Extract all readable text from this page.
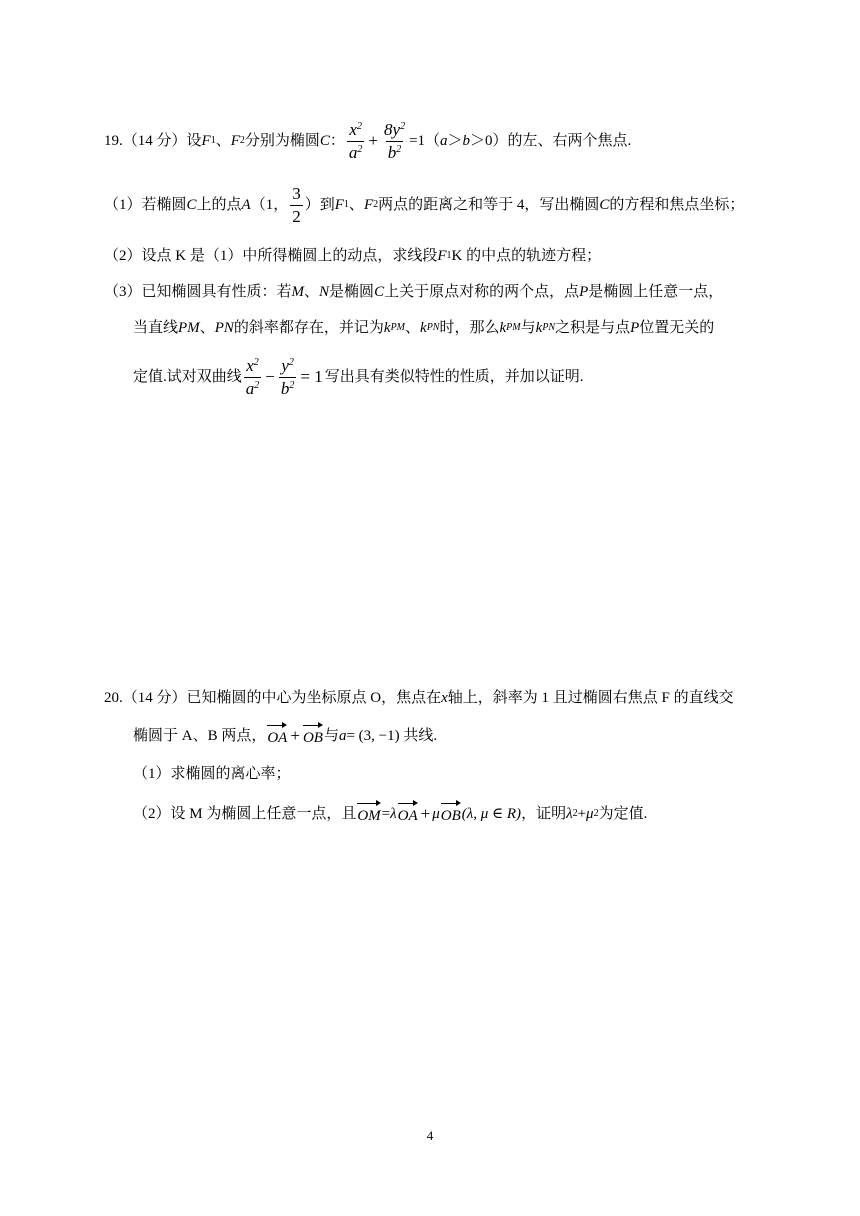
19.（14 分）设 F 1 、 F 2 分别为椭圆 C ： $\frac{x^2}{a^2} + \frac{8y^2}{b^2} =1$（ a ＞ b ＞0）的左、右两个焦点.
（1）若椭圆 C 上的点 A （1， $\frac{3}{2}$ ）到 F 1 、 F 2 两点的距离之和等于 4，写出椭圆 C 的方程和焦点坐标；
（2）设点 K 是（1）中所得椭圆上的动点，求线段 F 1 K 的中点的轨迹方程；
（3）已知椭圆具有性质：若 M 、 N 是椭圆 C 上关于原点对称的两个点，点 P 是椭圆上任意一点，
当直线 PM 、 PN 的斜率都存在，并记为 k PM 、 k PN 时，那么 k PM 与 k PN 之积是与点 P 位置无关的
定值.试对双曲线 $\frac{x^2}{a^2} - \frac{y^2}{b^2} = 1$ 写出具有类似特性的性质，并加以证明.
20.（14 分）已知椭圆的中心为坐标原点 O，焦点在 x 轴上，斜率为 1 且过椭圆右焦点 F 的直线交
椭圆于 A、B 两点， OA + OB 与 a = (3, −1) 共线.
（1）求椭圆的离心率；
（2）设 M 为椭圆上任意一点，且 OM = λ OA + μ OB (λ, μ ∈ R) ，证明 λ 2 + μ 2 为定值.
4
